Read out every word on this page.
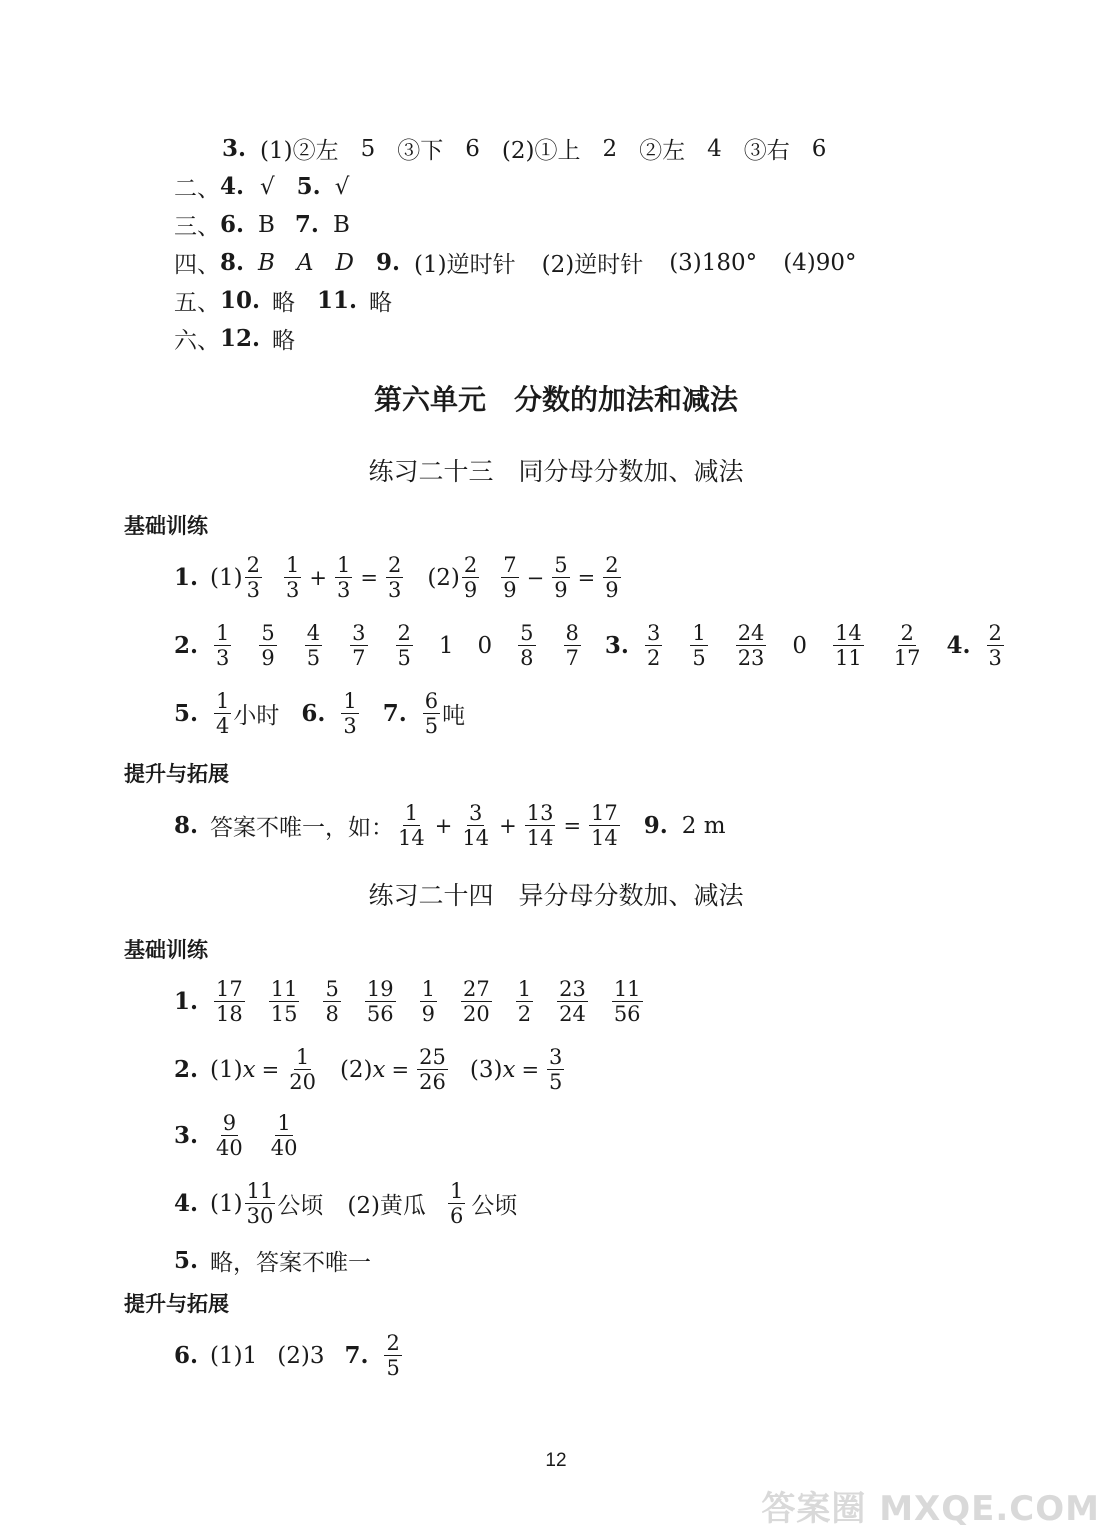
3. (1)②左 5 ③下 6 (2)①上 2 ②左 4 ③右 6
二、 4. √ 5. √
三、 6. B 7. B
四、 8. B A D 9. (1)逆时针 (2)逆时针 (3)180° (4)90°
五、 10. 略 11. 略
六、 12. 略
第六单元　分数的加法和减法
练习二十三　同分母分数加、减法
基础训练
1. $(1) \frac{2}{3} \frac{1}{3} + \frac{1}{3} = \frac{2}{3} (2) \frac{2}{9} \frac{7}{9} - \frac{5}{9} = \frac{2}{9}$
2. $\frac{1}{3} \frac{5}{9} \frac{4}{5} \frac{3}{7} \frac{2}{5} 1$ $0 \frac{5}{8} \frac{8}{7} 3$. $\frac{3}{2} \frac{1}{5} \frac{24}{23} 0 \frac{14}{11} \frac{2}{17} 4$. $\frac{2}{3}$
5. $\frac{1}{4}$ 小时 6. $\frac{1}{3} 7$. $\frac{6}{5}$ 吨
提升与拓展
8. 答案不唯一，如： $\frac{1}{14} + \frac{3}{14} + \frac{13}{14} = \frac{17}{14} 9$. 2 m
练习二十四　异分母分数加、减法
基础训练
1. $\frac{17}{18} \frac{11}{15} \frac{5}{8} \frac{19}{56} \frac{1}{9} \frac{27}{20} \frac{1}{2} \frac{23}{24} \frac{11}{56}$
2. (1) $x = \frac{1}{20} (2) x = \frac{25}{26} (3) x = \frac{3}{5}$
3. $\frac{9}{40} \frac{1}{40}$
4. $(1) \frac{11}{30}$ 公顷 (2)黄瓜 $\frac{1}{6}$ 公顷
5. 略，答案不唯一
提升与拓展
6. (1)1 (2)3 7. $\frac{2}{5}$
12
答案圈 MXQE.COM
